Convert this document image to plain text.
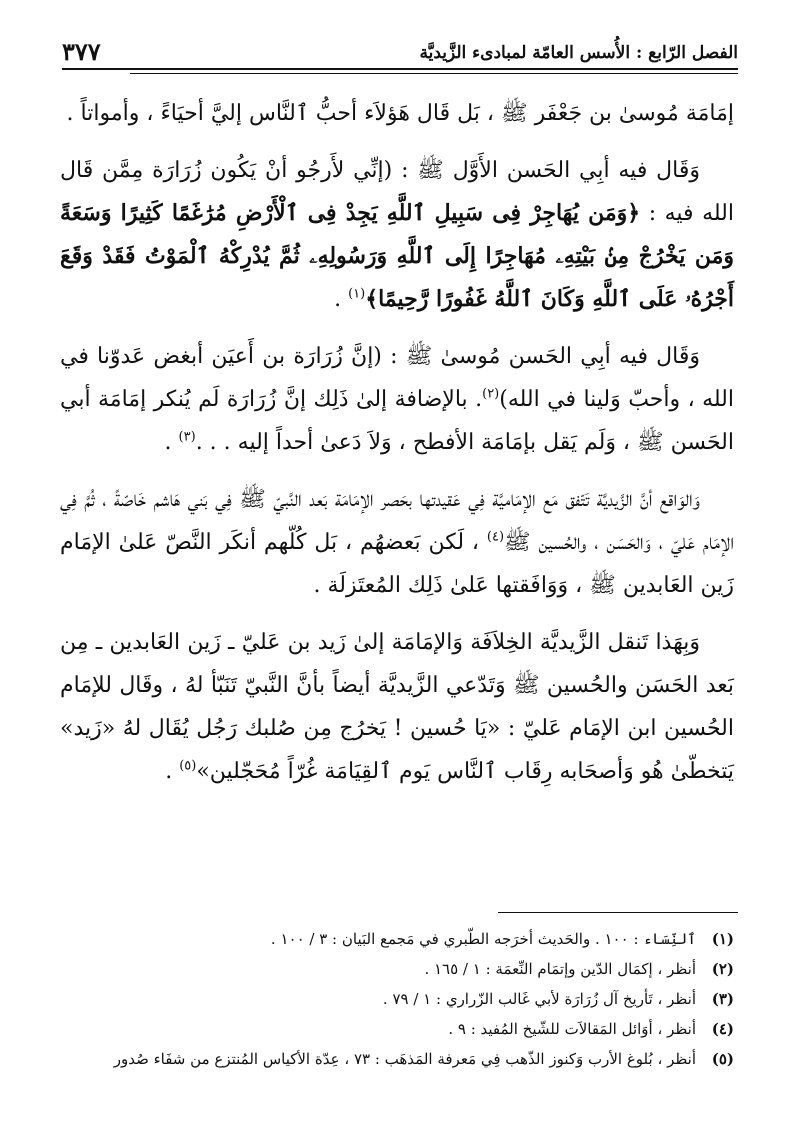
الفصل الرّابع : الأُسس العامّة لمبادىء الزَّيديَّة
٣٧٧

إمَامَة مُوسىٰ بن جَعْفَر ﷺ ، بَل قَال هَؤلاَء أحبُّ ٱلنَّاس إليَّ أحيَاءً ، وأمواتاً .

وَقَال فيه أبِي الحَسن الأَوَّل ﷺ : (إنِّي لأَرجُو أنْ يَكُون زُرَارَة مِمَّن قَال الله فيه : ﴿وَمَن يُهَاجِرْ فِى سَبِيلِ ٱللَّهِ يَجِدْ فِى ٱلْأَرْضِ مُرَٰغَمًا كَثِيرًا وَسَعَةً وَمَن يَخْرُجْ مِنۢ بَيْتِهِۦ مُهَاجِرًا إِلَى ٱللَّهِ وَرَسُولِهِۦ ثُمَّ يُدْرِكْهُ ٱلْمَوْتُ فَقَدْ وَقَعَ أَجْرُهُۥ عَلَى ٱللَّهِ وَكَانَ ٱللَّهُ غَفُورًا رَّحِيمًا﴾$^{(١)}$ .

وَقَال فيه أبِي الحَسن مُوسىٰ ﷺ : (إنَّ زُرَارَة بن أَعيَن أبغض عَدوّنا في الله ، وأحبّ وَلينا في الله)$^{(٢)}$. بالإضافة إلىٰ ذَلِك إنَّ زُرَارَة لَم يُنكر إمَامَة أبي الحَسن ﷺ ، وَلَم يَقل بإمَامَة الأفطح ، وَلاَ دَعىٰ أحداً إليه . . .$^{(٣)}$ .

وَالوَاقع أنَّ الزَّيديَّة تَتّفق مَع الإمَاميَّة فِي عَقيدتها بحَصر الإمَامَة بَعد النَّبيّ ﷺ فِي بَني هَاشم خَاصّةً ، ثُمَّ فِي الإمَام عَليّ ، وَالحَسَن ، والحُسين ﷺ$^{(٤)}$ ، لَكن بَعضهُم ، بَل كُلّهم أنكَر النَّصّ عَلىٰ الإمَام زَين العَابدين ﷺ ، وَوَافَقتها عَلىٰ ذَلِك المُعتَزلَة .

وَبِهَذا تَنقل الزَّيديَّة الخِلاَفَة وَالإمَامَة إلىٰ زَيد بن عَليّ ـ زَين العَابدين ـ مِن بَعد الحَسَن والحُسين ﷺ وَتَدّعي الزَّيديَّة أيضاً بأنَّ النَّبيّ تَنَبّأ لهُ ، وقَال للإمَام الحُسين ابن الإمَام عَليّ : «يَا حُسين ! يَخرُج مِن صُلبك رَجُل يُقَال لهُ «زَيد» يَتخطّىٰ هُو وَأصحَابه رِقَاب ٱلنَّاس يَوم ٱلقِيَامَة غُرّاً مُحَجّلين»$^{(٥)}$ .

(١)
ٱلنِّسَاء : ١٠٠ . والحَديث أخرَجه الطّبري في مَجمع البَيان : ٣ / ١٠٠ .
(٢)
أنظر ، إكمَال الدّين وإتمَام النِّعمَة : ١ / ١٦٥ .
(٣)
أنظر ، تَأريخ آل زُرَارَة لأبي غَالب الزّراري : ١ / ٧٩ .
(٤)
أنظر ، أوَائل المَقالاَت للشّيخ المُفيد : ٩ .
(٥)
أنظر ، بُلوغ الأرب وَكنوز الذّهب فِي مَعرفة المَذهَب : ٧٣ ، عِدّة الأكياس المُنتزع من شفَاء صُدور
